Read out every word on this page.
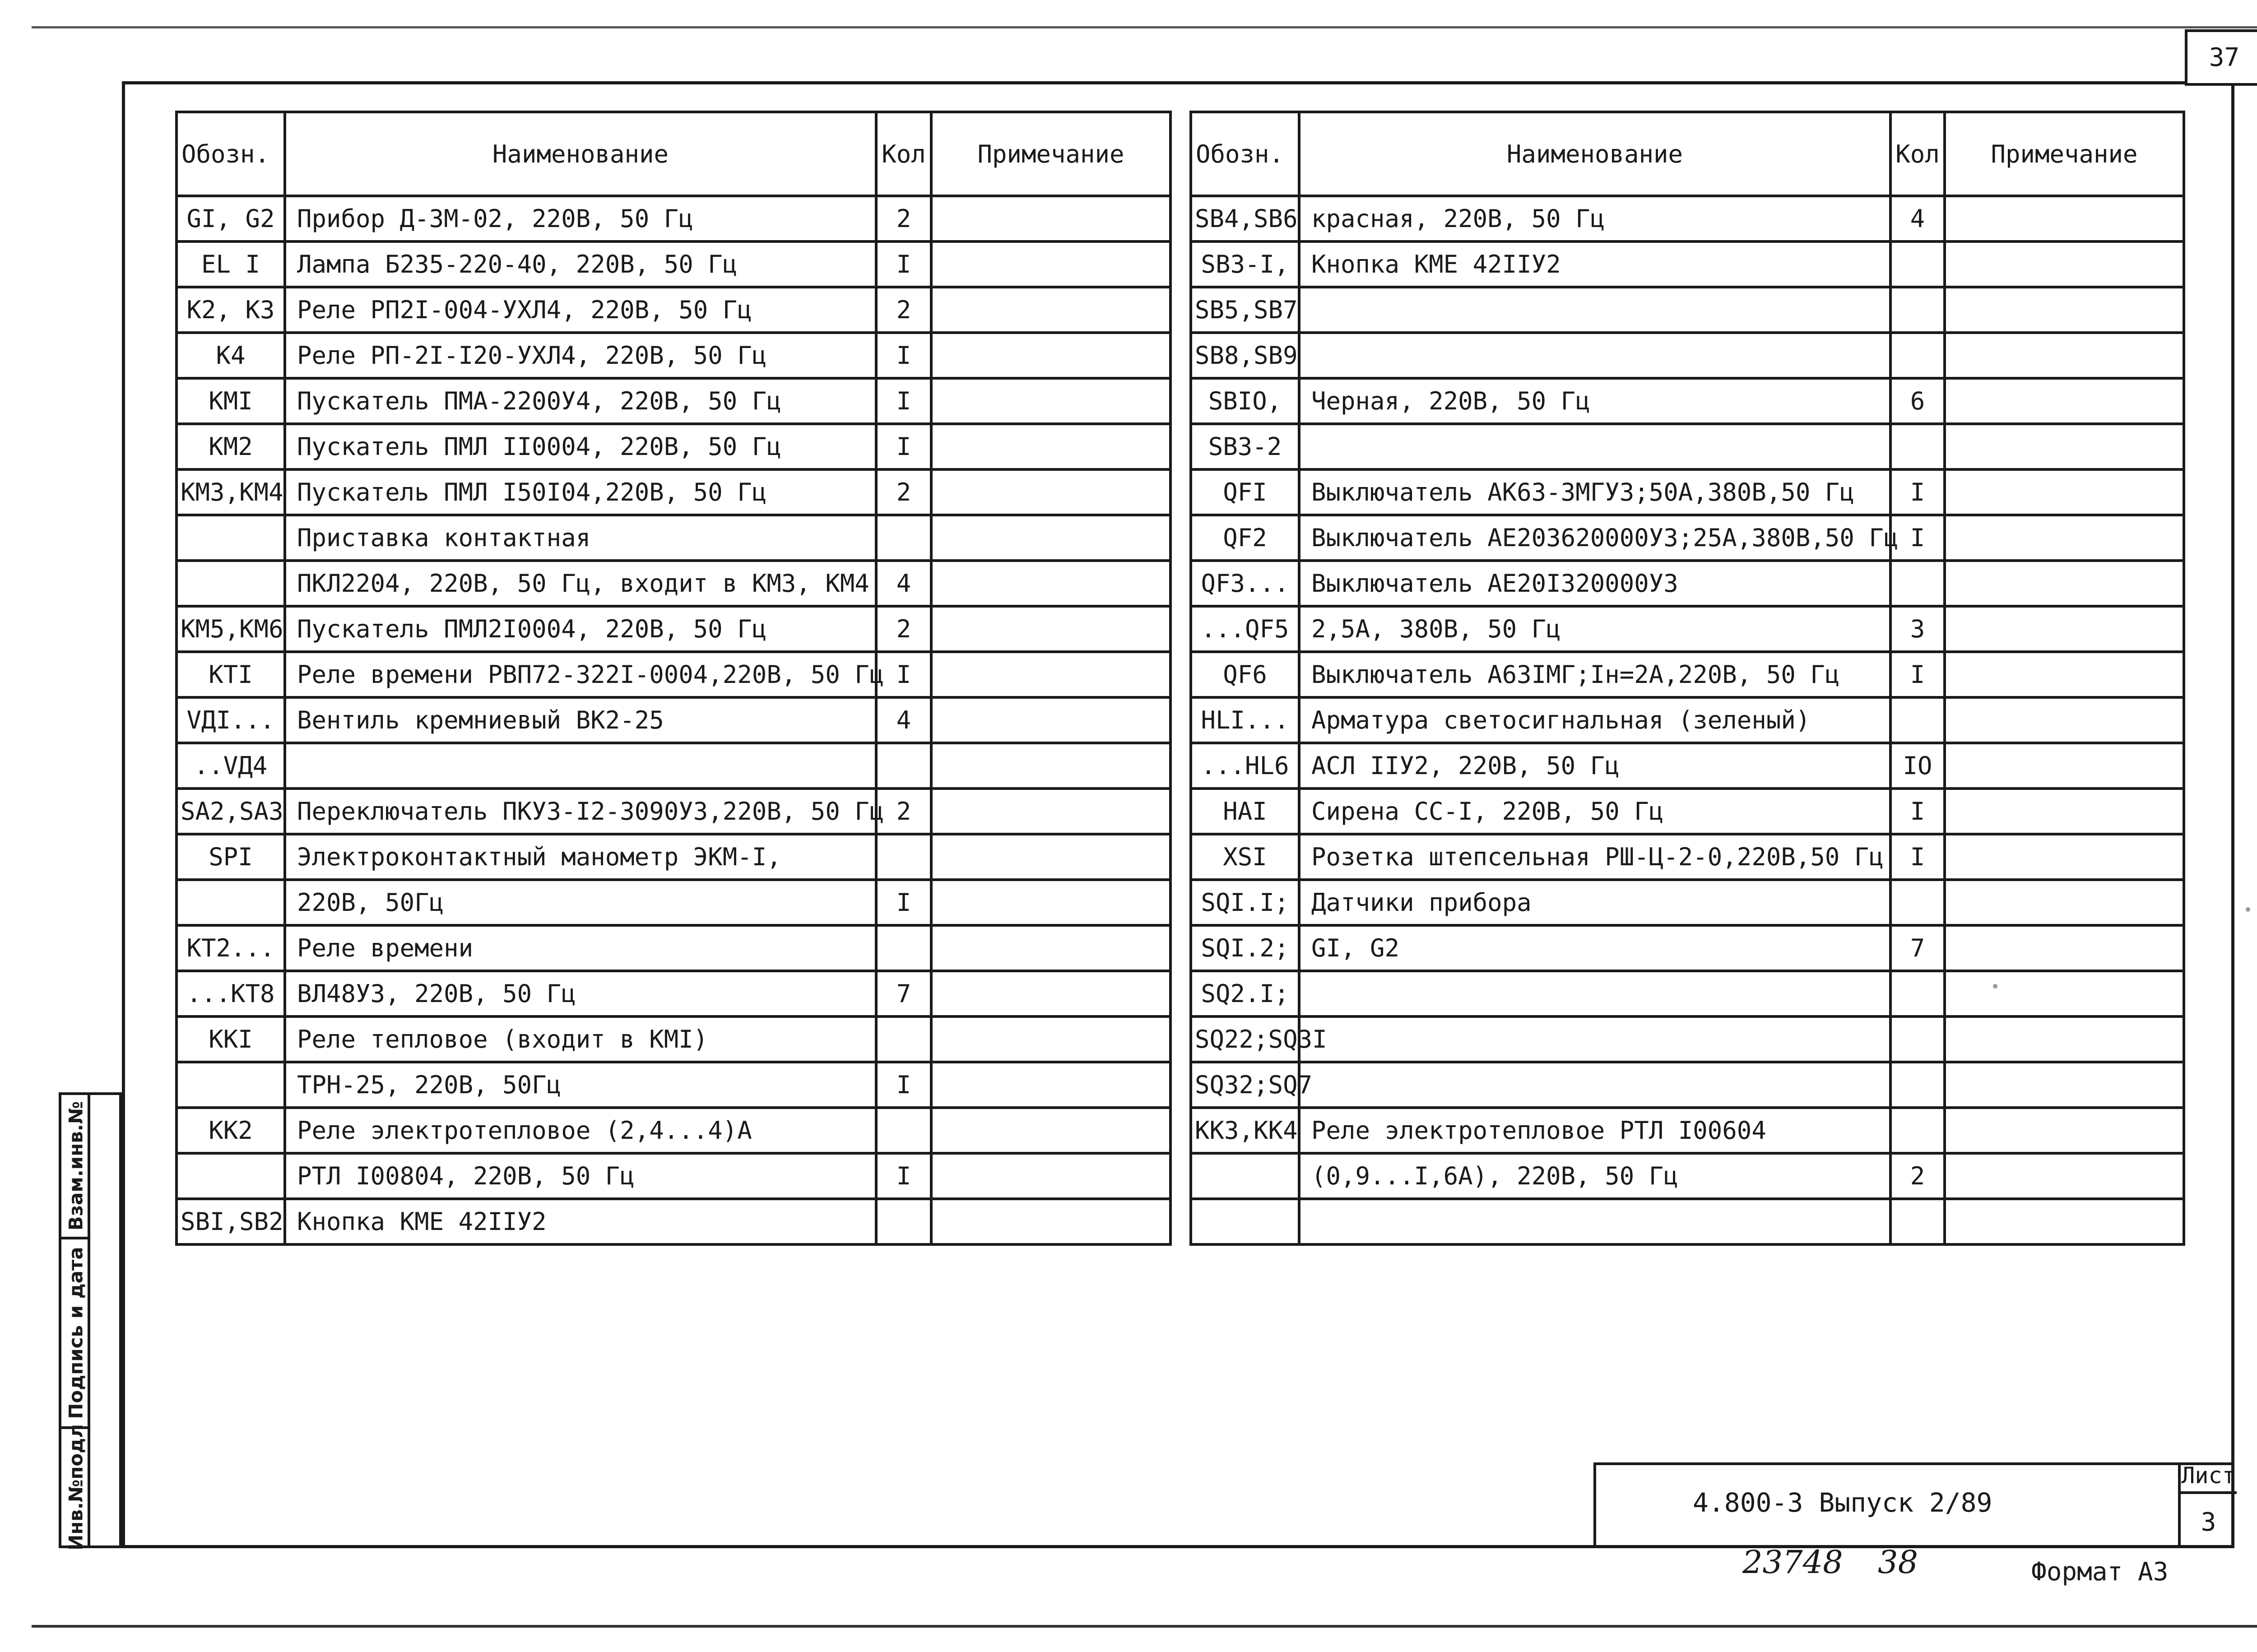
37
Обозн.	Наименование	Кол	Примечание
GI, G2	Прибор Д-3М-02, 220В, 50 Гц	2	
EL I	Лампа Б235-220-40, 220В, 50 Гц	I	
K2, K3	Реле РП2I-004-УХЛ4, 220В, 50 Гц	2	
K4	Реле РП-2I-I20-УХЛ4, 220В, 50 Гц	I	
KMI	Пускатель ПМА-2200У4, 220В, 50 Гц	I	
KM2	Пускатель ПМЛ II0004, 220В, 50 Гц	I	
KM3,KM4	Пускатель ПМЛ I50I04,220В, 50 Гц	2	
	Приставка контактная		
	ПКЛ2204, 220В, 50 Гц, входит в КМ3, КМ4	4	
KM5,KM6	Пускатель ПМЛ2I0004, 220В, 50 Гц	2	
KTI	Реле времени РВП72-322I-0004,220В, 50 Гц	I	
VДI...	Вентиль кремниевый ВК2-25	4	
..VД4			
SA2,SA3	Переключатель ПКУ3-I2-3090У3,220В, 50 Гц	2	
SPI	Электроконтактный манометр ЭКМ-I,		
	220В, 50Гц	I	
KT2...	Реле времени		
...KT8	ВЛ48У3, 220В, 50 Гц	7	
KKI	Реле тепловое (входит в КМI)		
	ТРН-25, 220В, 50Гц	I	
KK2	Реле электротепловое (2,4...4)А		
	РТЛ I00804, 220В, 50 Гц	I	
SBI,SB2	Кнопка КМЕ 42IIУ2		
Обозн.	Наименование	Кол	Примечание
SB4,SB6	красная, 220В, 50 Гц	4	
SB3-I,	Кнопка КМЕ 42IIУ2		
SB5,SB7			
SB8,SB9			
SBIO,	Черная, 220В, 50 Гц	6	
SB3-2			
QFI	Выключатель АК63-3МГУ3;50А,380В,50 Гц	I	
QF2	Выключатель АЕ203620000У3;25А,380В,50 Гц	I	
QF3...	Выключатель АЕ20I320000У3		
...QF5	2,5А, 380В, 50 Гц	3	
QF6	Выключатель А63IМГ;Iн=2А,220В, 50 Гц	I	
HLI...	Арматура светосигнальная (зеленый)		
...HL6	АСЛ IIУ2, 220В, 50 Гц	IO	
HAI	Сирена СС-I, 220В, 50 Гц	I	
XSI	Розетка штепсельная РШ-Ц-2-0,220В,50 Гц	I	
SQI.I;	Датчики прибора		
SQI.2;	GI, G2	7	
SQ2.I;			
SQ22;SQ3I			
SQ32;SQ7			
KK3,KK4	Реле электротепловое РТЛ I00604		
	(0,9...I,6А), 220В, 50 Гц	2	

Взам.инв.№
Подпись и дата
Инв.№подл	4.800-3 Выпуск 2/89
Лист
3
23748 38	Формат А3
